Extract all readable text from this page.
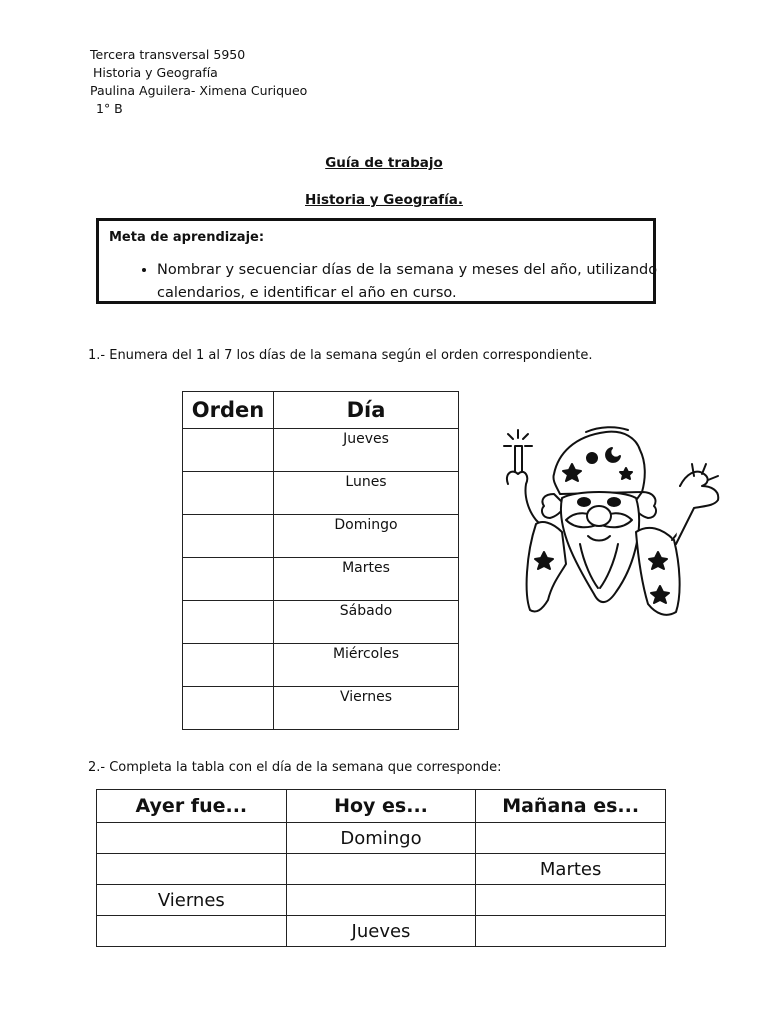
Tercera transversal 5950
Historia y Geografía
Paulina Aguilera- Ximena Curiqueo
1° B
Guía de trabajo
Historia y Geografía.
Meta de aprendizaje:
• Nombrar y secuenciar días de la semana y meses del año, utilizando calendarios, e identificar el año en curso.
1.- Enumera del 1 al 7 los días de la semana según el orden correspondiente.
Orden	Día
	Jueves
	Lunes
	Domingo
	Martes
	Sábado
	Miércoles
	Viernes
2.- Completa la tabla con el día de la semana que corresponde:
Ayer fue...	Hoy es...	Mañana es...
	Domingo	
		Martes
Viernes		
	Jueves	
